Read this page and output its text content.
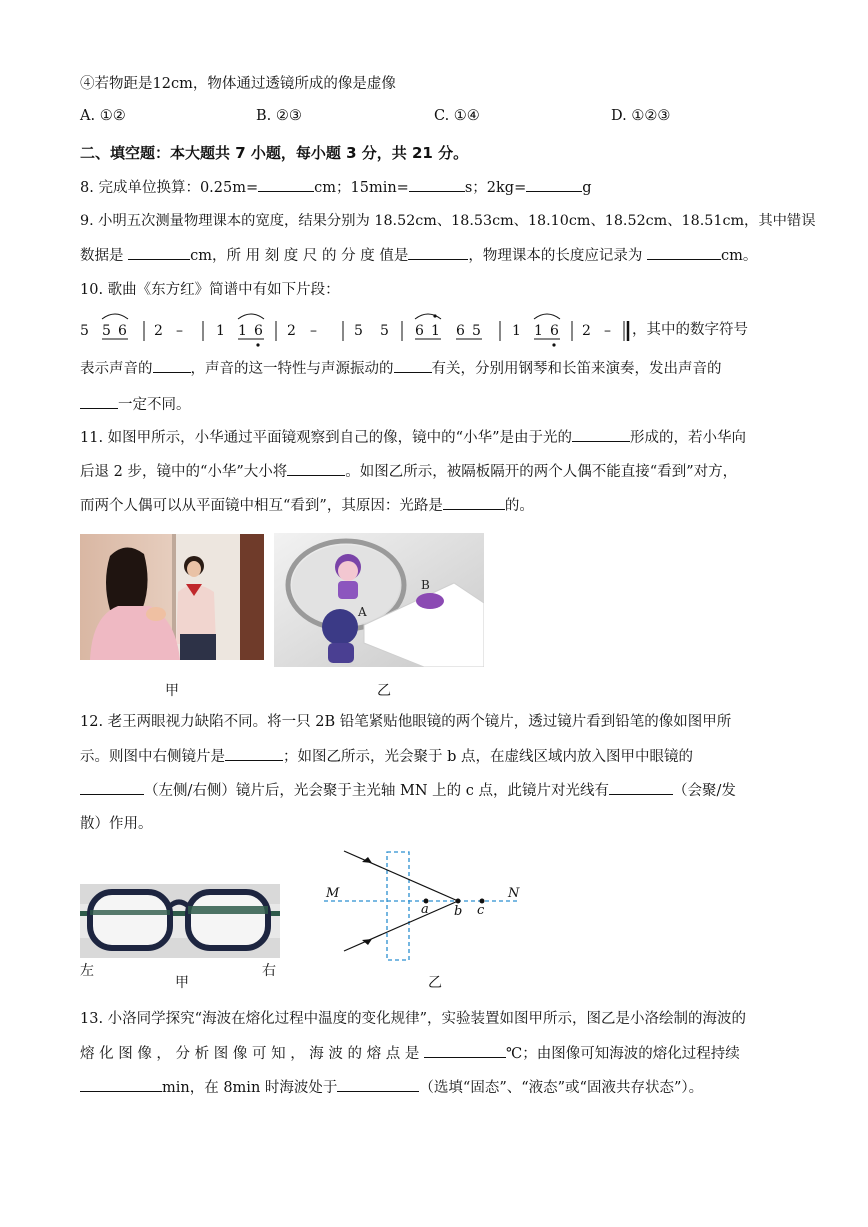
④若物距是12cm，物体通过透镜所成的像是虚像
A. ①②	B. ②③	C. ①④	D. ①②③
二、填空题：本大题共 7 小题，每小题 3 分，共 21 分。
8. 完成单位换算：0.25m=	cm；15min=	s；2kg=	g
9. 小明五次测量物理课本的宽度，结果分别为 18.52cm、18.53cm、18.10cm、18.52cm、18.51cm，其中错误
数据是	cm，所 用 刻 度 尺 的 分 度 值是	，物理课本的长度应记录为	cm。
10. 歌曲《东方红》简谱中有如下片段：
5 5 6 2 – 1 1 6 2 –	5 5 6 1 6 5 1 1 6 2 – ，其中的数字符号
表示声音的	，声音的这一特性与声源振动的	有关，分别用钢琴和长笛来演奏，发出声音的
一定不同。
11. 如图甲所示，小华通过平面镜观察到自己的像，镜中的“小华”是由于光的	形成的，若小华向
后退 2 步，镜中的“小华”大小将	。如图乙所示，被隔板隔开的两个人偶不能直接“看到”对方，
而两个人偶可以从平面镜中相互“看到”，其原因：光路是	的。
甲
A
B
乙
12. 老王两眼视力缺陷不同。将一只 2B 铅笔紧贴他眼镜的两个镜片，透过镜片看到铅笔的像如图甲所
示。则图中右侧镜片是	；如图乙所示，光会聚于 b 点，在虚线区域内放入图甲中眼镜的
（左侧/右侧）镜片后，光会聚于主光轴 MN 上的 c 点，此镜片对光线有	（会聚/发
散）作用。
左	右
甲
M	N
a b c
乙
13. 小洛同学探究“海波在熔化过程中温度的变化规律”，实验装置如图甲所示，图乙是小洛绘制的海波的
熔 化 图 像 ， 分 析 图 像 可 知 ， 海 波 的 熔 点 是	℃；由图像可知海波的熔化过程持续
min，在 8min 时海波处于	（选填“固态”、“液态”或“固液共存状态”）。
